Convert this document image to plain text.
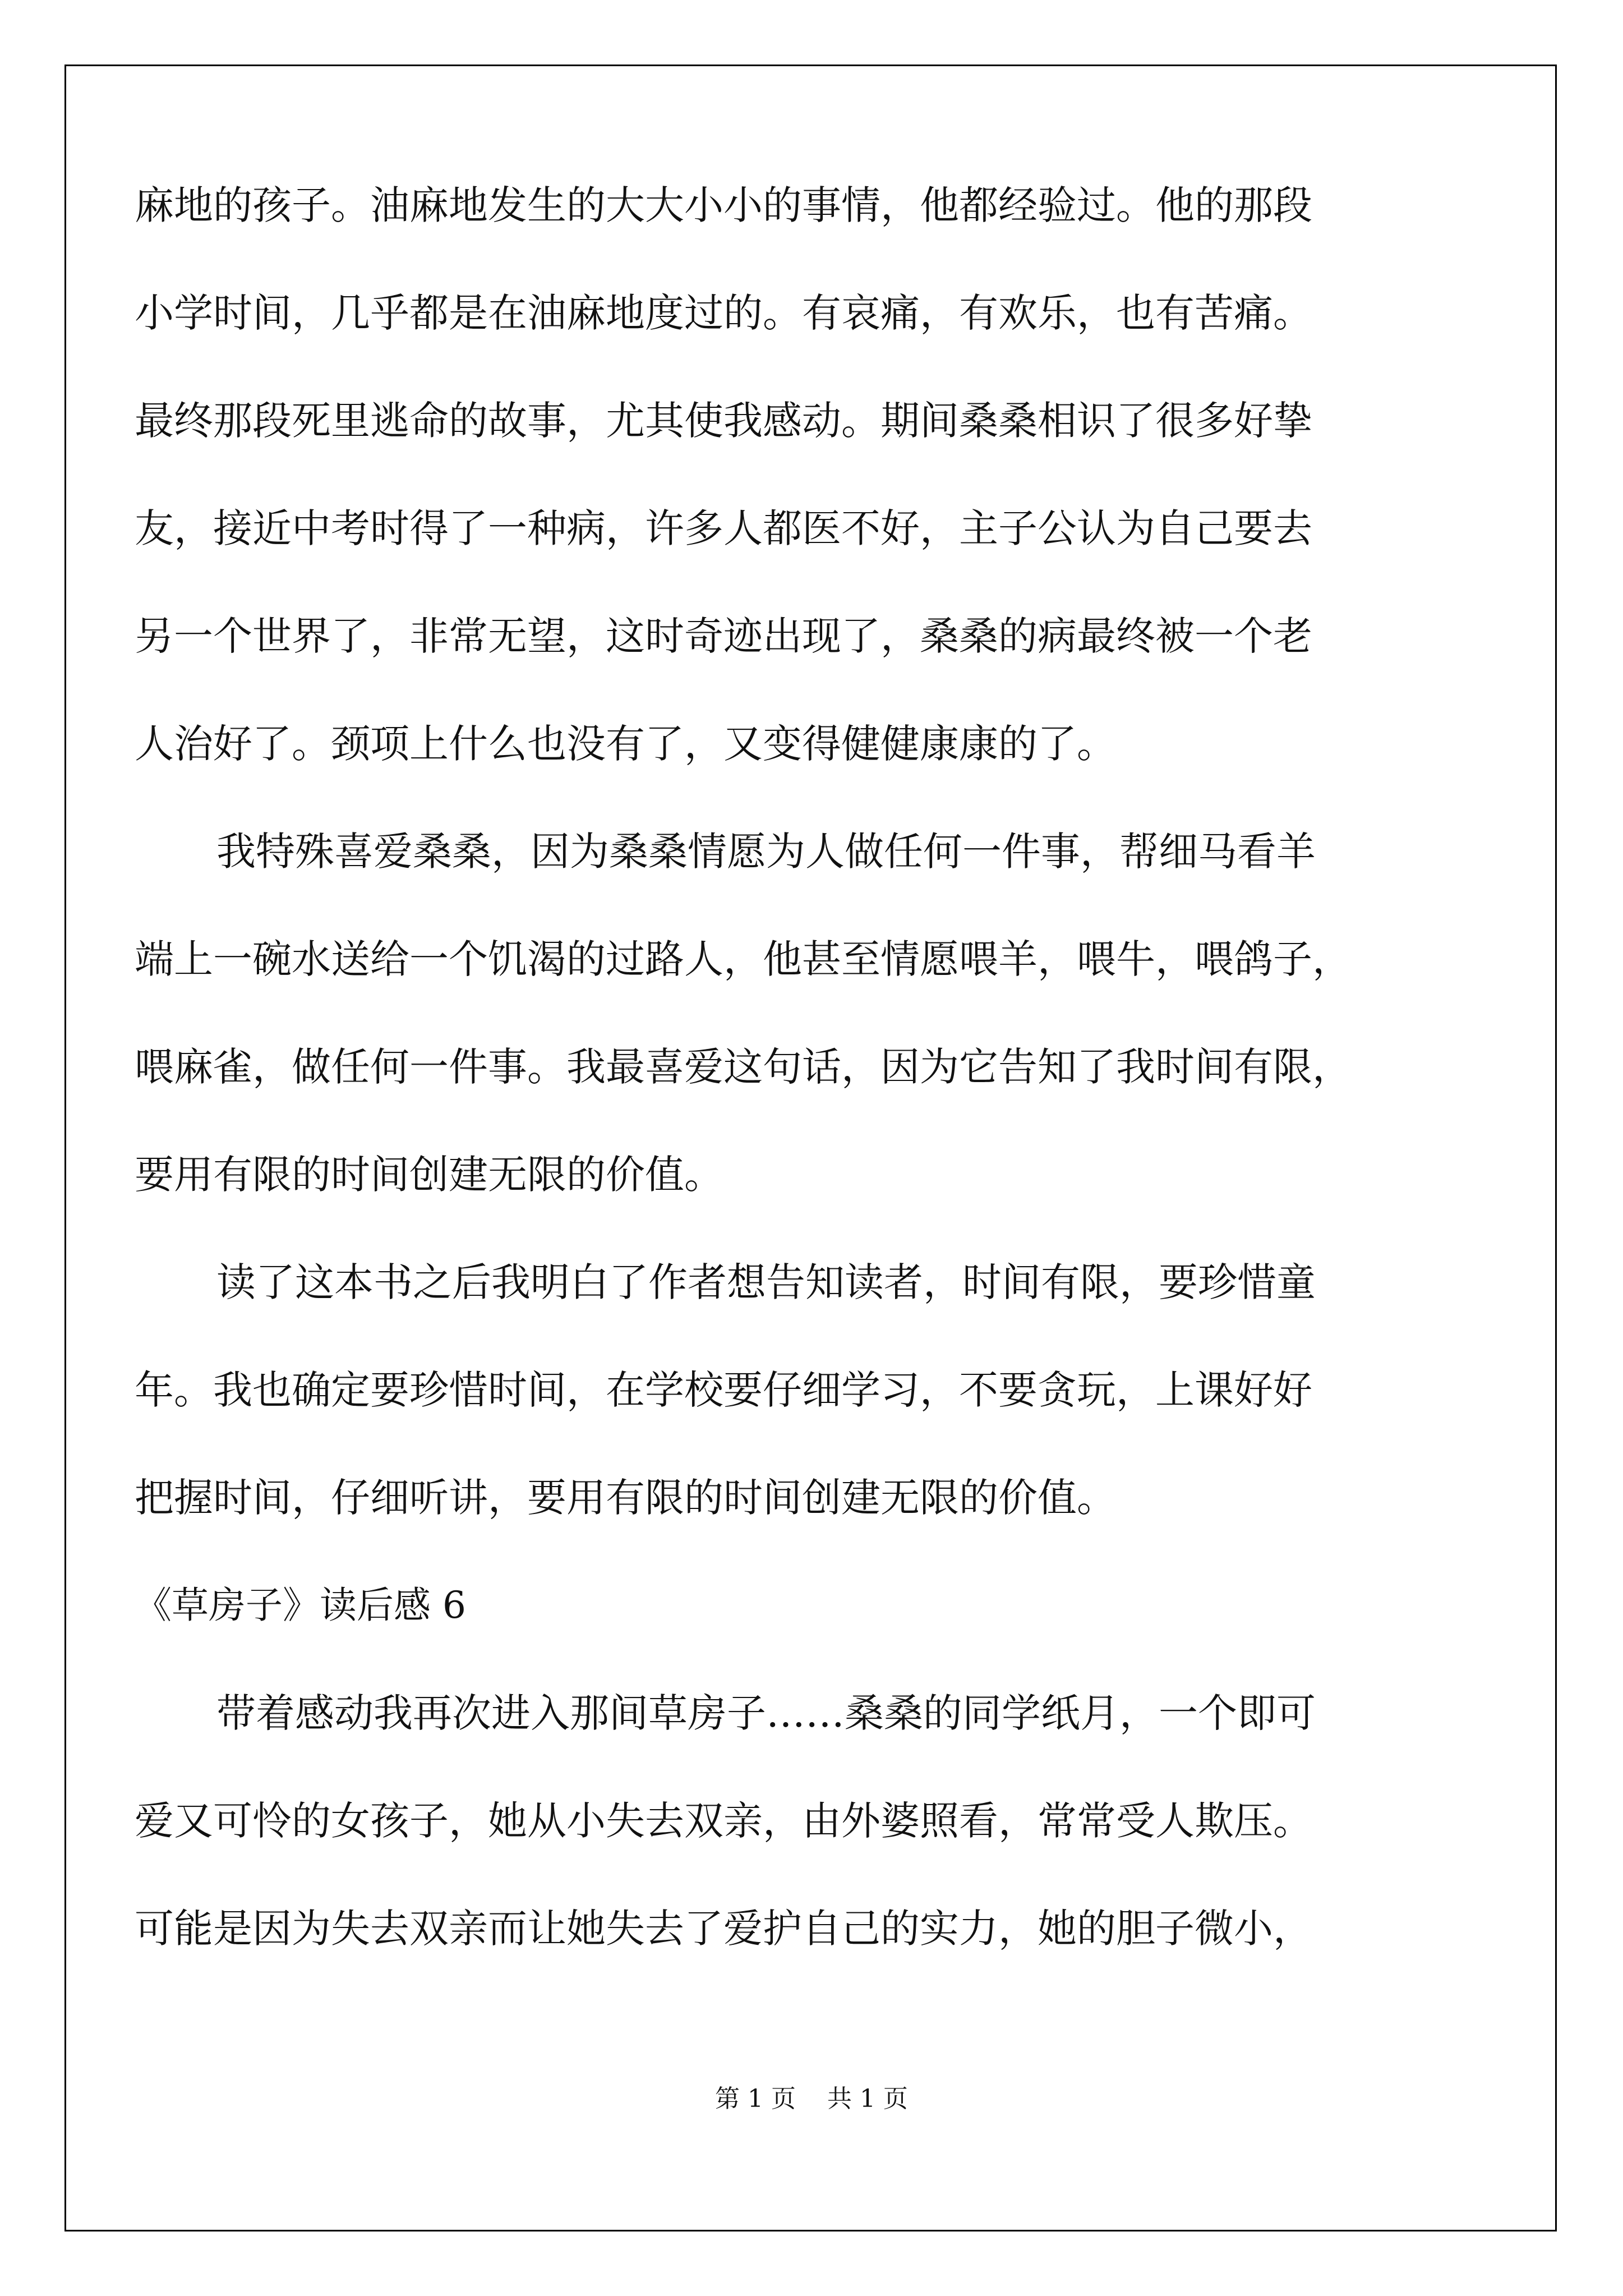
麻地的孩子。油麻地发生的大大小小的事情，他都经验过。他的那段
小学时间，几乎都是在油麻地度过的。有哀痛，有欢乐，也有苦痛。
最终那段死里逃命的故事，尤其使我感动。期间桑桑相识了很多好挚
友，接近中考时得了一种病，许多人都医不好，主子公认为自己要去
另一个世界了，非常无望，这时奇迹出现了，桑桑的病最终被一个老
人治好了。颈项上什么也没有了，又变得健健康康的了。
我特殊喜爱桑桑，因为桑桑情愿为人做任何一件事，帮细马看羊
端上一碗水送给一个饥渴的过路人，他甚至情愿喂羊，喂牛，喂鸽子，
喂麻雀，做任何一件事。我最喜爱这句话，因为它告知了我时间有限，
要用有限的时间创建无限的价值。
读了这本书之后我明白了作者想告知读者，时间有限，要珍惜童
年。我也确定要珍惜时间，在学校要仔细学习，不要贪玩，上课好好
把握时间，仔细听讲，要用有限的时间创建无限的价值。
《草房子》读后感 6
带着感动我再次进入那间草房子……桑桑的同学纸月，一个即可
爱又可怜的女孩子，她从小失去双亲，由外婆照看，常常受人欺压。
可能是因为失去双亲而让她失去了爱护自己的实力，她的胆子微小，
第 1 页    共 1 页
